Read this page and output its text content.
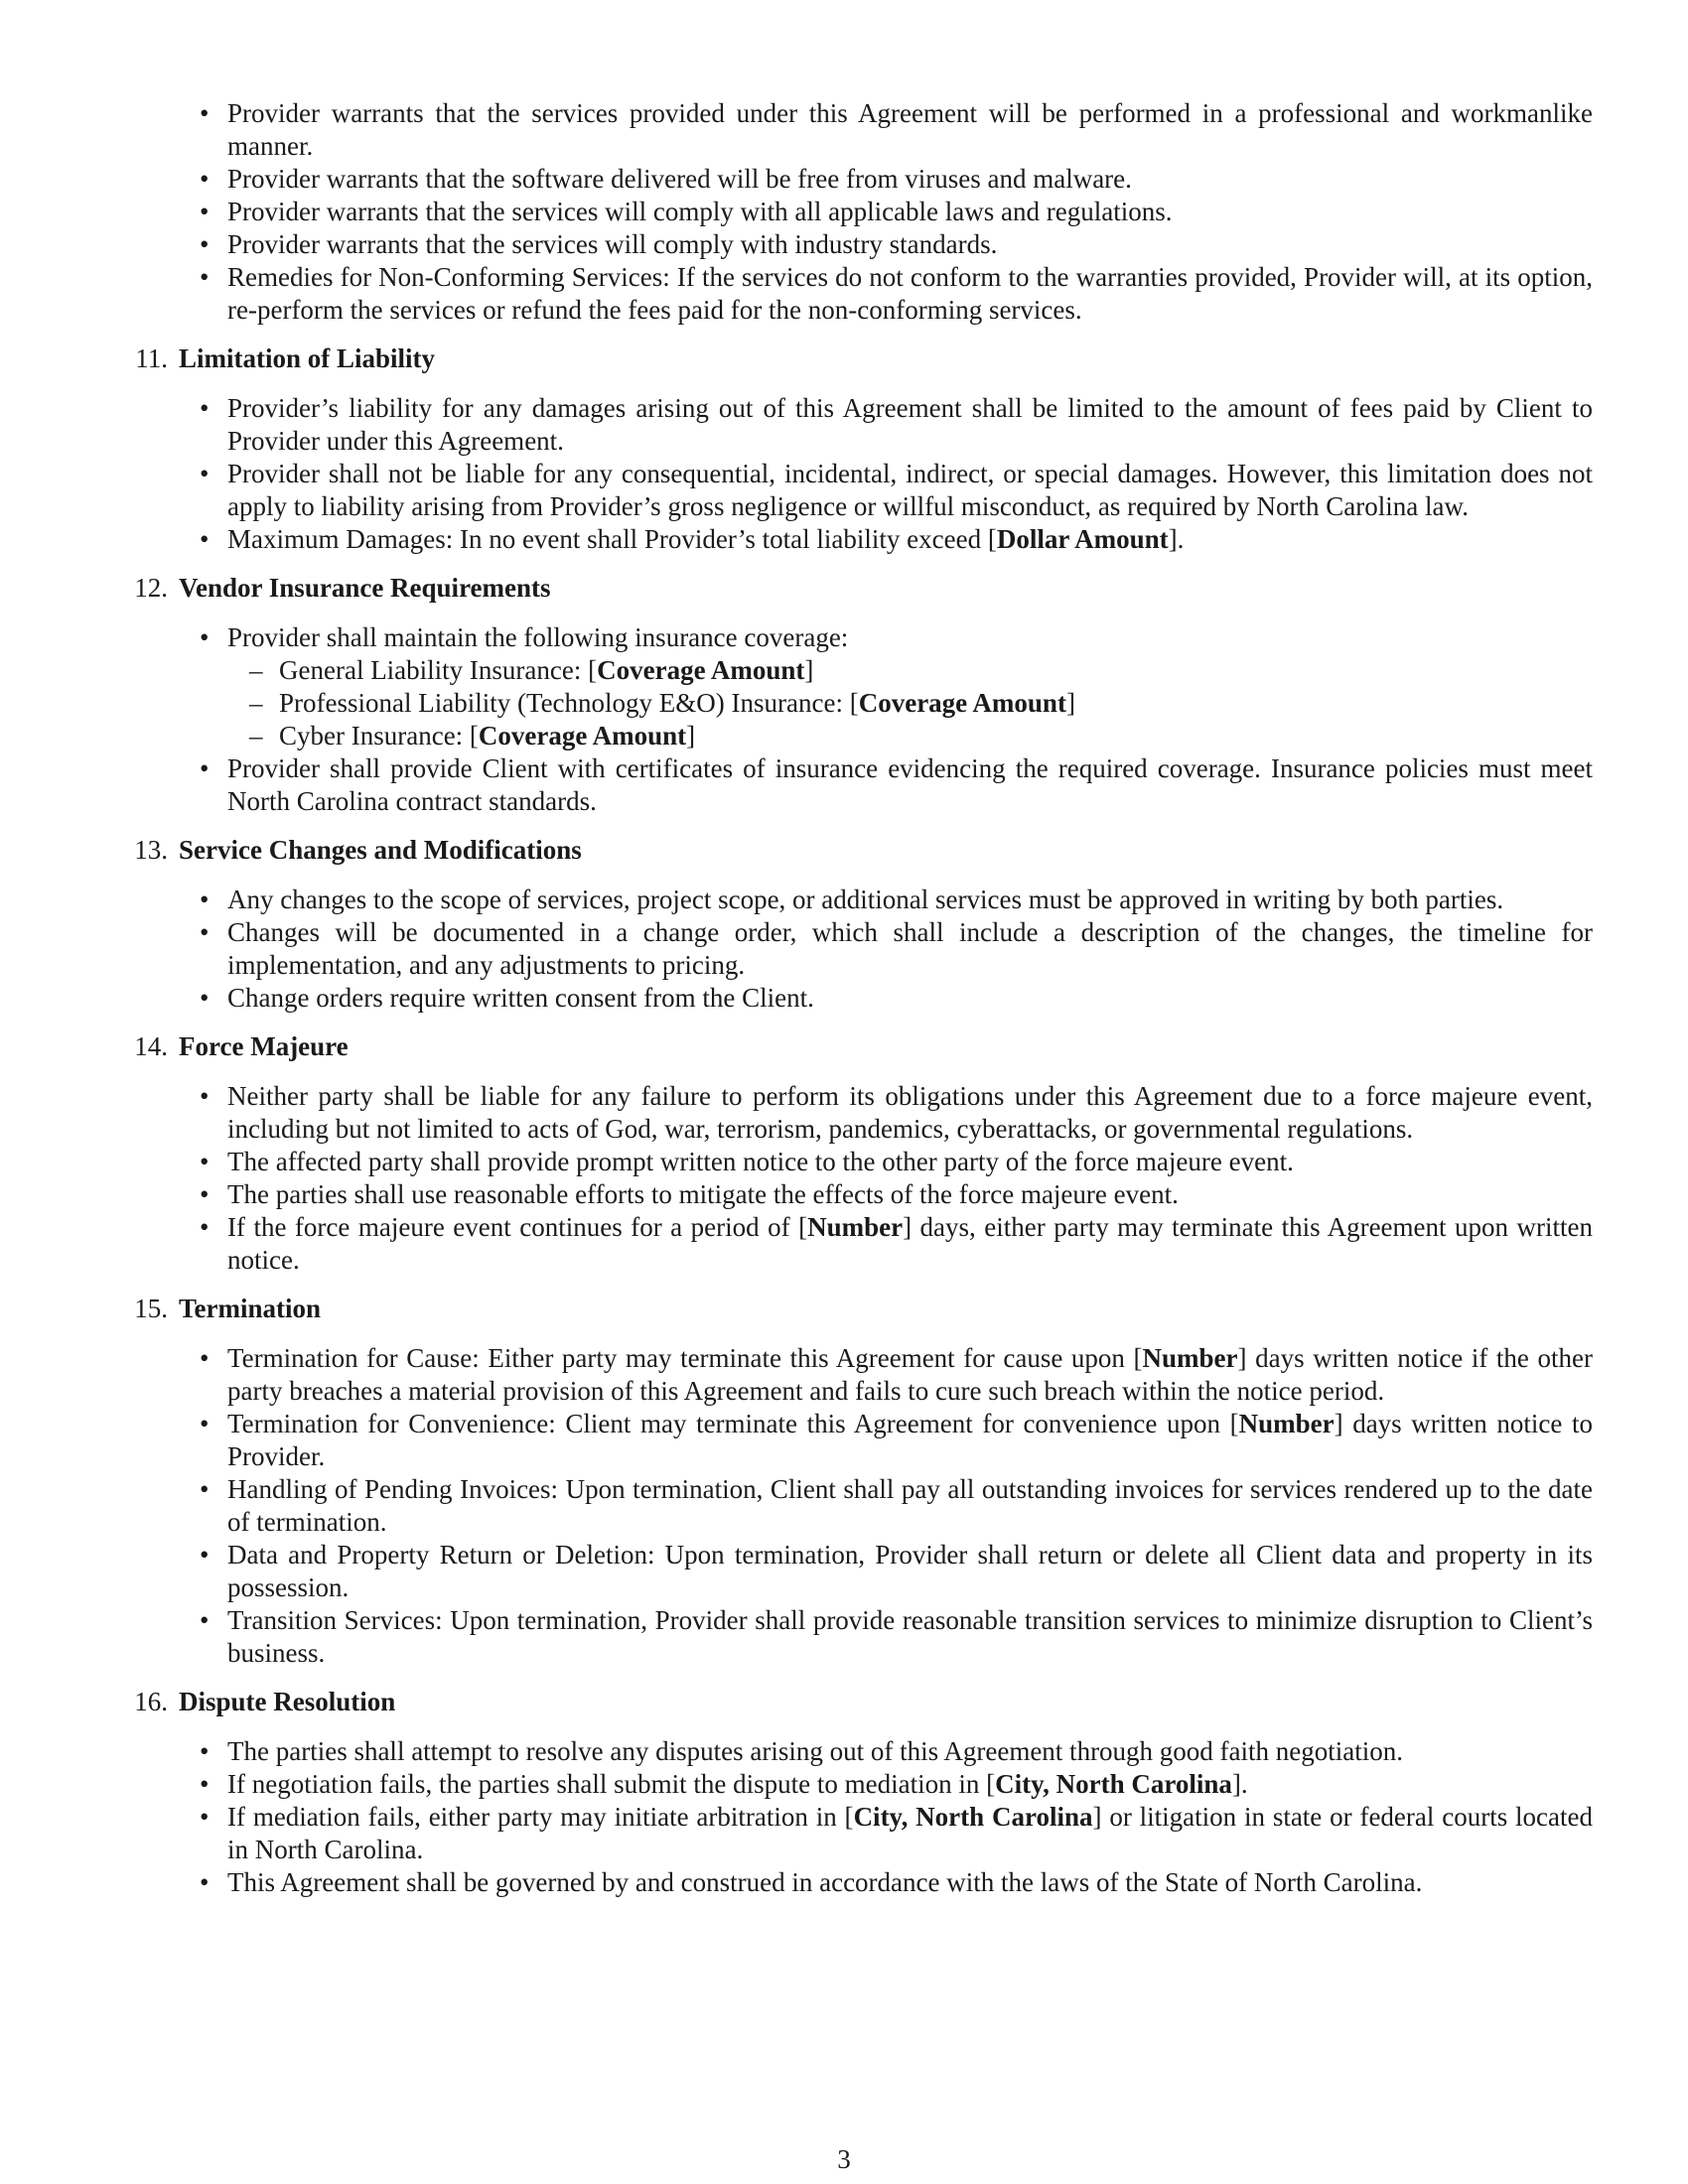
• Provider warrants that the services provided under this Agreement will be performed in a professional and workmanlike manner.
• Provider warrants that the software delivered will be free from viruses and malware.
• Provider warrants that the services will comply with all applicable laws and regulations.
• Provider warrants that the services will comply with industry standards.
• Remedies for Non-Conforming Services: If the services do not conform to the warranties provided, Provider will, at its option, re-perform the services or refund the fees paid for the non-conforming services.
11. Limitation of Liability
• Provider’s liability for any damages arising out of this Agreement shall be limited to the amount of fees paid by Client to Provider under this Agreement.
• Provider shall not be liable for any consequential, incidental, indirect, or special damages. However, this limitation does not apply to liability arising from Provider’s gross negligence or willful misconduct, as required by North Carolina law.
• Maximum Damages: In no event shall Provider’s total liability exceed [Dollar Amount].
12. Vendor Insurance Requirements
• Provider shall maintain the following insurance coverage:
– General Liability Insurance: [Coverage Amount]
– Professional Liability (Technology E&O) Insurance: [Coverage Amount]
– Cyber Insurance: [Coverage Amount]
• Provider shall provide Client with certificates of insurance evidencing the required coverage. Insurance policies must meet North Carolina contract standards.
13. Service Changes and Modifications
• Any changes to the scope of services, project scope, or additional services must be approved in writing by both parties.
• Changes will be documented in a change order, which shall include a description of the changes, the timeline for implementation, and any adjustments to pricing.
• Change orders require written consent from the Client.
14. Force Majeure
• Neither party shall be liable for any failure to perform its obligations under this Agreement due to a force majeure event, including but not limited to acts of God, war, terrorism, pandemics, cyberattacks, or governmental regulations.
• The affected party shall provide prompt written notice to the other party of the force majeure event.
• The parties shall use reasonable efforts to mitigate the effects of the force majeure event.
• If the force majeure event continues for a period of [Number] days, either party may terminate this Agreement upon written notice.
15. Termination
• Termination for Cause: Either party may terminate this Agreement for cause upon [Number] days written notice if the other party breaches a material provision of this Agreement and fails to cure such breach within the notice period.
• Termination for Convenience: Client may terminate this Agreement for convenience upon [Number] days written notice to Provider.
• Handling of Pending Invoices: Upon termination, Client shall pay all outstanding invoices for services rendered up to the date of termination.
• Data and Property Return or Deletion: Upon termination, Provider shall return or delete all Client data and property in its possession.
• Transition Services: Upon termination, Provider shall provide reasonable transition services to minimize disruption to Client’s business.
16. Dispute Resolution
• The parties shall attempt to resolve any disputes arising out of this Agreement through good faith negotiation.
• If negotiation fails, the parties shall submit the dispute to mediation in [City, North Carolina].
• If mediation fails, either party may initiate arbitration in [City, North Carolina] or litigation in state or federal courts located in North Carolina.
• This Agreement shall be governed by and construed in accordance with the laws of the State of North Carolina.
3
